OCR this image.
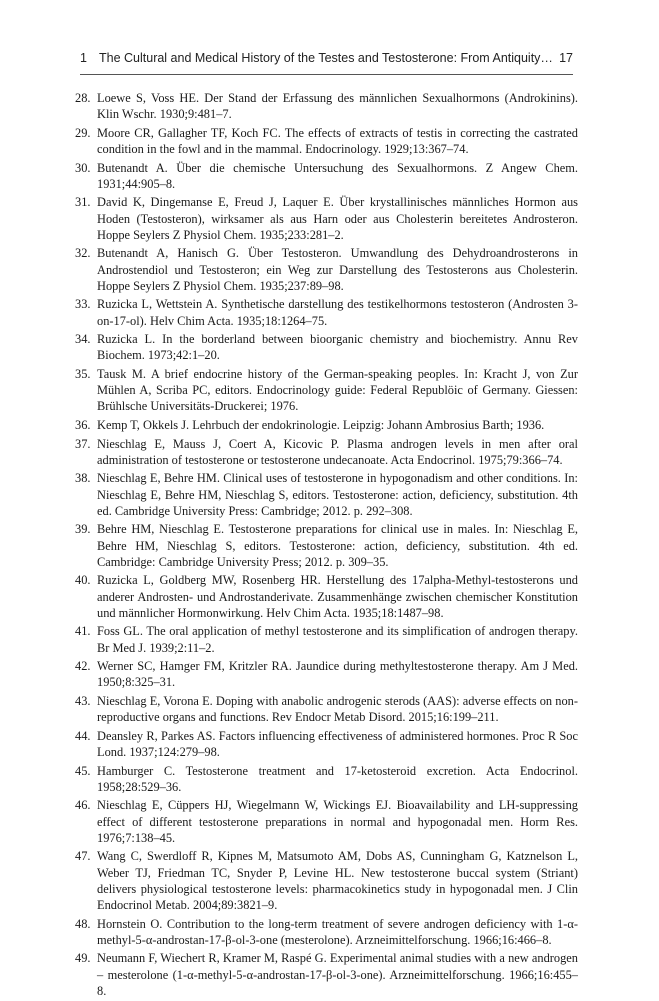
1 The Cultural and Medical History of the Testes and Testosterone: From Antiquity… 17
28. Loewe S, Voss HE. Der Stand der Erfassung des männlichen Sexualhormons (Androkinins). Klin Wschr. 1930;9:481–7.
29. Moore CR, Gallagher TF, Koch FC. The effects of extracts of testis in correcting the castrated condition in the fowl and in the mammal. Endocrinology. 1929;13:367–74.
30. Butenandt A. Über die chemische Untersuchung des Sexualhormons. Z Angew Chem. 1931;44:905–8.
31. David K, Dingemanse E, Freud J, Laquer E. Über krystallinisches männliches Hormon aus Hoden (Testosteron), wirksamer als aus Harn oder aus Cholesterin bereitetes Androsteron. Hoppe Seylers Z Physiol Chem. 1935;233:281–2.
32. Butenandt A, Hanisch G. Über Testosteron. Umwandlung des Dehydroandrosterons in Androstendiol und Testosteron; ein Weg zur Darstellung des Testosterons aus Cholesterin. Hoppe Seylers Z Physiol Chem. 1935;237:89–98.
33. Ruzicka L, Wettstein A. Synthetische darstellung des testikelhormons testosteron (Androsten 3-on-17-ol). Helv Chim Acta. 1935;18:1264–75.
34. Ruzicka L. In the borderland between bioorganic chemistry and biochemistry. Annu Rev Biochem. 1973;42:1–20.
35. Tausk M. A brief endocrine history of the German-speaking peoples. In: Kracht J, von Zur Mühlen A, Scriba PC, editors. Endocrinology guide: Federal Republöic of Germany. Giessen: Brühlsche Universitäts-Druckerei; 1976.
36. Kemp T, Okkels J. Lehrbuch der endokrinologie. Leipzig: Johann Ambrosius Barth; 1936.
37. Nieschlag E, Mauss J, Coert A, Kicovic P. Plasma androgen levels in men after oral administration of testosterone or testosterone undecanoate. Acta Endocrinol. 1975;79:366–74.
38. Nieschlag E, Behre HM. Clinical uses of testosterone in hypogonadism and other conditions. In: Nieschlag E, Behre HM, Nieschlag S, editors. Testosterone: action, deficiency, substitution. 4th ed. Cambridge University Press: Cambridge; 2012. p. 292–308.
39. Behre HM, Nieschlag E. Testosterone preparations for clinical use in males. In: Nieschlag E, Behre HM, Nieschlag S, editors. Testosterone: action, deficiency, substitution. 4th ed. Cambridge: Cambridge University Press; 2012. p. 309–35.
40. Ruzicka L, Goldberg MW, Rosenberg HR. Herstellung des 17alpha-Methyl-testosterons und anderer Androsten- und Androstanderivate. Zusammenhänge zwischen chemischer Konstitution und männlicher Hormonwirkung. Helv Chim Acta. 1935;18:1487–98.
41. Foss GL. The oral application of methyl testosterone and its simplification of androgen therapy. Br Med J. 1939;2:11–2.
42. Werner SC, Hamger FM, Kritzler RA. Jaundice during methyltestosterone therapy. Am J Med. 1950;8:325–31.
43. Nieschlag E, Vorona E. Doping with anabolic androgenic sterods (AAS): adverse effects on non-reproductive organs and functions. Rev Endocr Metab Disord. 2015;16:199–211.
44. Deansley R, Parkes AS. Factors influencing effectiveness of administered hormones. Proc R Soc Lond. 1937;124:279–98.
45. Hamburger C. Testosterone treatment and 17-ketosteroid excretion. Acta Endocrinol. 1958;28:529–36.
46. Nieschlag E, Cüppers HJ, Wiegelmann W, Wickings EJ. Bioavailability and LH-suppressing effect of different testosterone preparations in normal and hypogonadal men. Horm Res. 1976;7:138–45.
47. Wang C, Swerdloff R, Kipnes M, Matsumoto AM, Dobs AS, Cunningham G, Katznelson L, Weber TJ, Friedman TC, Snyder P, Levine HL. New testosterone buccal system (Striant) delivers physiological testosterone levels: pharmacokinetics study in hypogonadal men. J Clin Endocrinol Metab. 2004;89:3821–9.
48. Hornstein O. Contribution to the long-term treatment of severe androgen deficiency with 1-α-methyl-5-α-androstan-17-β-ol-3-one (mesterolone). Arzneimittelforschung. 1966;16:466–8.
49. Neumann F, Wiechert R, Kramer M, Raspé G. Experimental animal studies with a new androgen – mesterolone (1-α-methyl-5-α-androstan-17-β-ol-3-one). Arzneimittelforschung. 1966;16:455–8.
